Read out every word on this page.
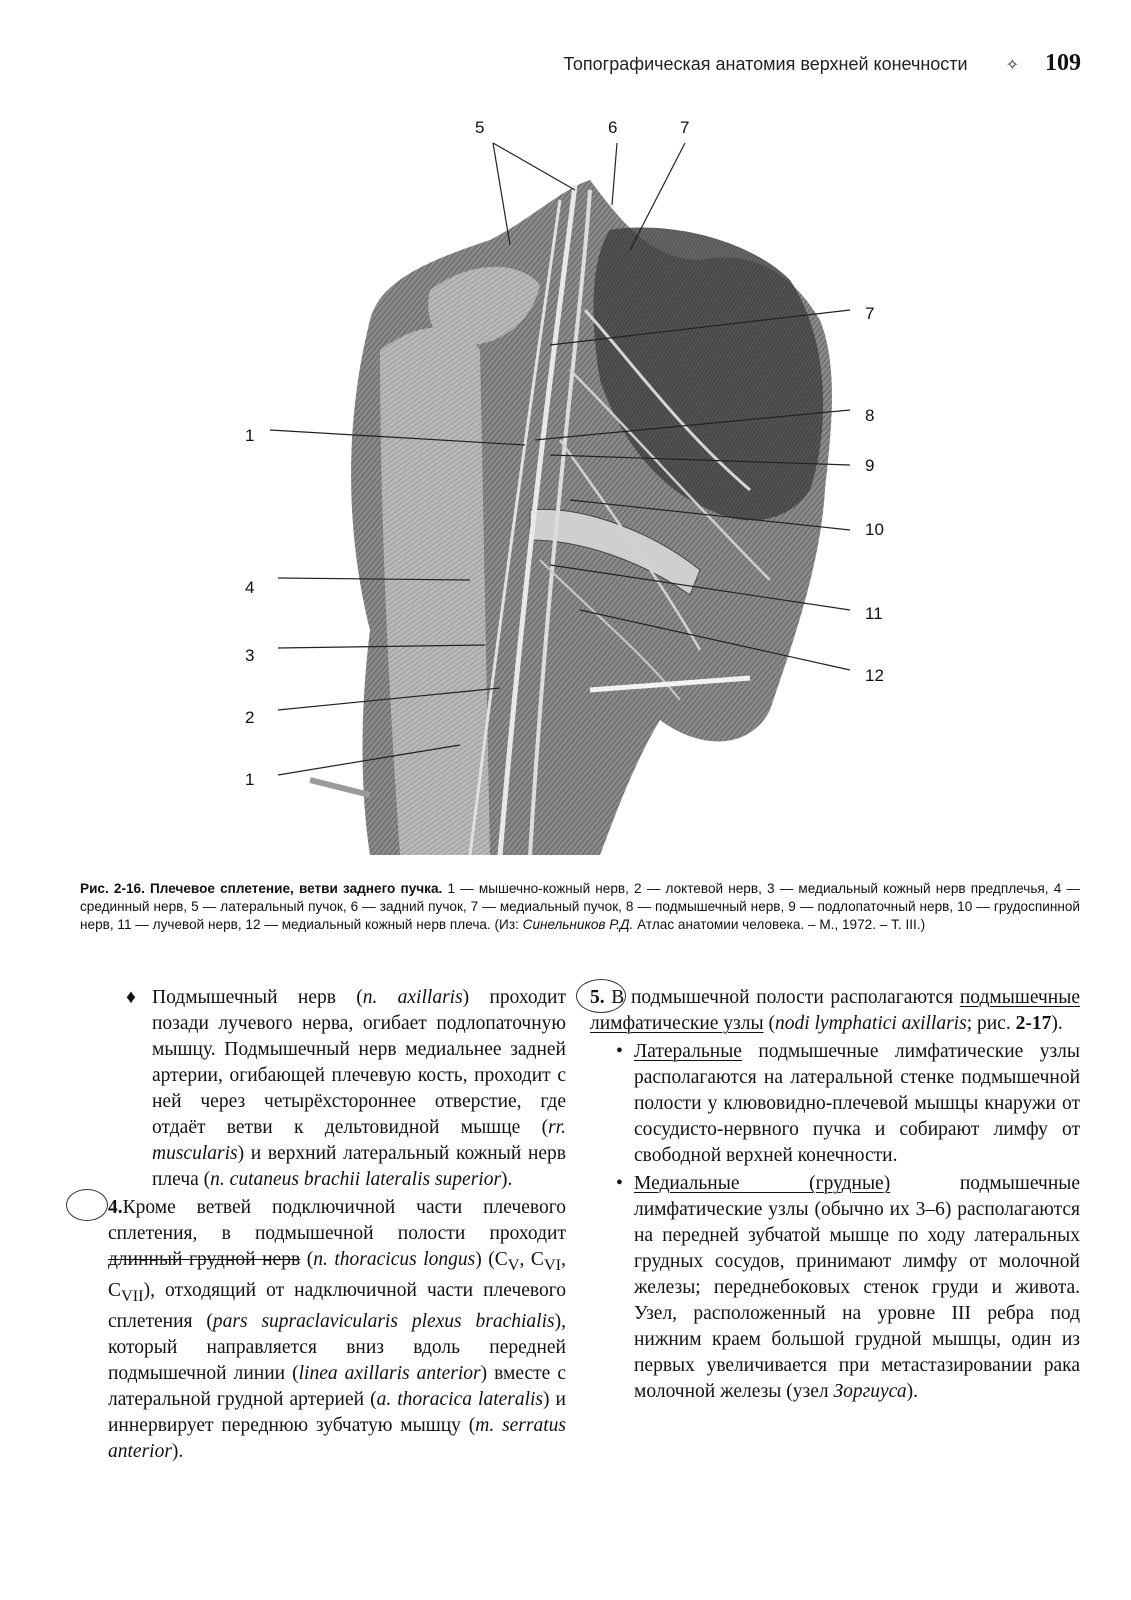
Топографическая анатомия верхней конечности ✧ 109
5	6	7
7
1
8
9
10
4
11
3
12
2
1
Рис. 2-16. Плечевое сплетение, ветви заднего пучка. 1 — мышечно-кожный нерв, 2 — локтевой нерв, 3 — медиальный кожный нерв предплечья, 4 — срединный нерв, 5 — латеральный пучок, 6 — задний пучок, 7 — медиальный пучок, 8 — подмышечный нерв, 9 — подлопаточный нерв, 10 — грудоспинной нерв, 11 — лучевой нерв, 12 — медиальный кожный нерв плеча. (Из: Синельников Р.Д. Атлас анатомии человека. – М., 1972. – Т. III.)
♦ Подмышечный нерв (n. axillaris) проходит позади лучевого нерва, огибает подлопаточную мышцу. Подмышечный нерв медиальнее задней артерии, огибающей плечевую кость, проходит с ней через четырёхстороннее отверстие, где отдаёт ветви к дельтовидной мышце (rr. muscularis) и верхний латеральный кожный нерв плеча (n. cutaneus brachii lateralis superior).
4.Кроме ветвей подключичной части плечевого сплетения, в подмышечной полости проходит длинный грудной нерв (n. thoracicus longus) ($C_V$, $C_{VI}$, $C_{VII}$), отходящий от надключичной части плечевого сплетения (pars supraclavicularis plexus brachialis), который направляется вниз вдоль передней подмышечной линии (linea axillaris anterior) вместе с латеральной грудной артерией (a. thoracica lateralis) и иннервирует переднюю зубчатую мышцу (m. serratus anterior).
5. В подмышечной полости располагаются подмышечные лимфатические узлы (nodi lymphatici axillaris; рис. 2-17).
• Латеральные подмышечные лимфатические узлы располагаются на латеральной стенке подмышечной полости у клювовидно-плечевой мышцы кнаружи от сосудисто-нервного пучка и собирают лимфу от свободной верхней конечности.
• Медиальные (грудные) подмышечные лимфатические узлы (обычно их 3–6) располагаются на передней зубчатой мышце по ходу латеральных грудных сосудов, принимают лимфу от молочной железы; переднебоковых стенок груди и живота. Узел, расположенный на уровне III ребра под нижним краем большой грудной мышцы, один из первых увеличивается при метастазировании рака молочной железы (узел Зоргиуса).
